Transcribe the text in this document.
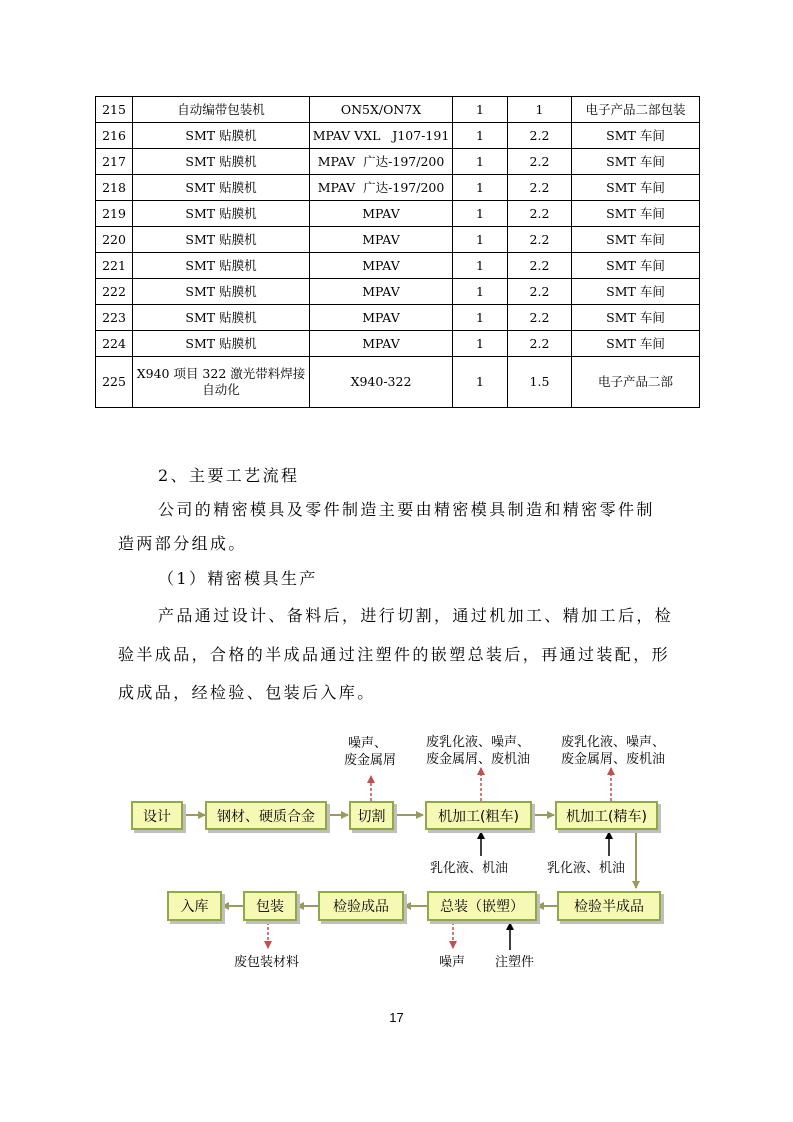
215	自动编带包装机	ON5X/ON7X	1	1	电子产品二部包装
216	SMT 贴膜机	MPAV VXL   J107-191	1	2.2	SMT 车间
217	SMT 贴膜机	MPAV  广达-197/200	1	2.2	SMT 车间
218	SMT 贴膜机	MPAV  广达-197/200	1	2.2	SMT 车间
219	SMT 贴膜机	MPAV	1	2.2	SMT 车间
220	SMT 贴膜机	MPAV	1	2.2	SMT 车间
221	SMT 贴膜机	MPAV	1	2.2	SMT 车间
222	SMT 贴膜机	MPAV	1	2.2	SMT 车间
223	SMT 贴膜机	MPAV	1	2.2	SMT 车间
224	SMT 贴膜机	MPAV	1	2.2	SMT 车间
225	X940 项目 322 激光带料焊接自动化	X940-322	1	1.5	电子产品二部
2、主要工艺流程
公司的精密模具及零件制造主要由精密模具制造和精密零件制
造两部分组成。
（1）精密模具生产
产品通过设计、备料后，进行切割，通过机加工、精加工后，检
验半成品，合格的半成品通过注塑件的嵌塑总装后，再通过装配，形
成成品，经检验、包装后入库。
设计	钢材、硬质合金	切割	机加工(粗车)	机加工(精车)
入库	包装	检验成品	总装（嵌塑）	检验半成品
噪声、
废金属屑
废乳化液、噪声、
废金属屑、废机油
废乳化液、噪声、
废金属屑、废机油
乳化液、机油	乳化液、机油
废包装材料	噪声 注塑件
17
